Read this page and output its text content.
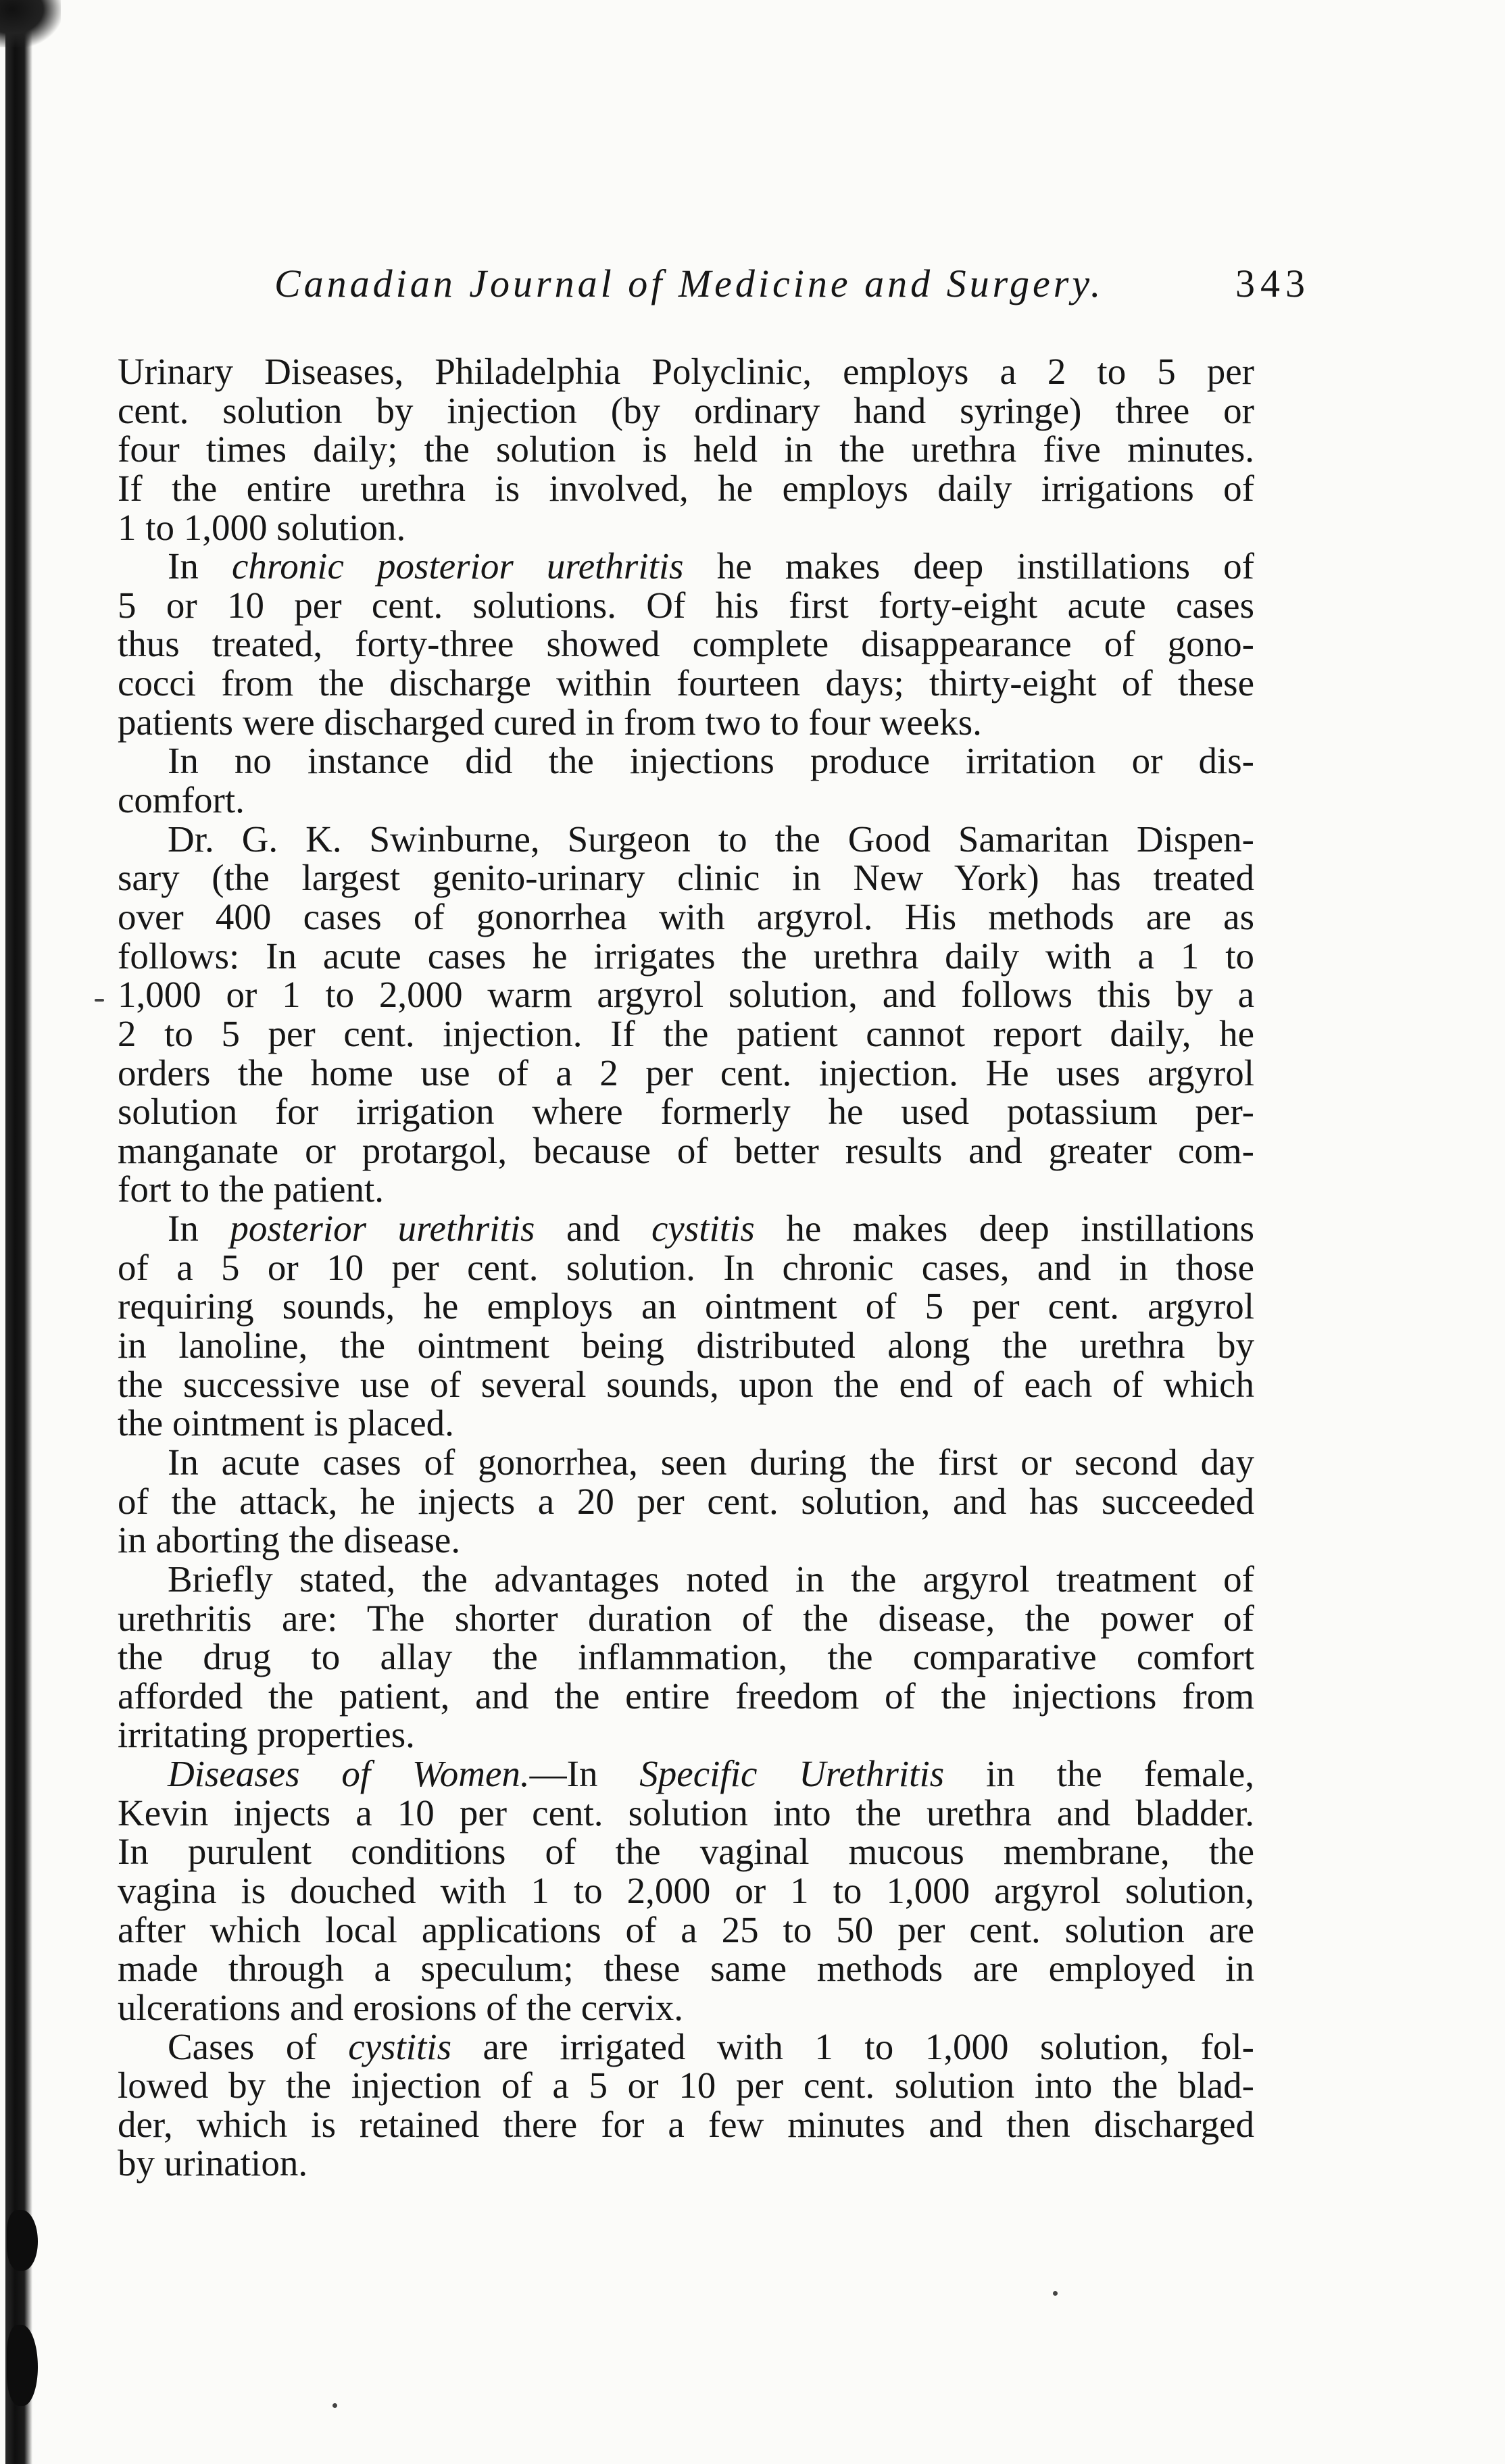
Canadian Journal of Medicine and Surgery.	343
Urinary Diseases, Philadelphia Polyclinic, employs a 2 to 5 per
cent. solution by injection (by ordinary hand syringe) three or
four times daily; the solution is held in the urethra five minutes.
If the entire urethra is involved, he employs daily irrigations of
1 to 1,000 solution.
In chronic posterior urethritis he makes deep instillations of
5 or 10 per cent. solutions. Of his first forty-eight acute cases
thus treated, forty-three showed complete disappearance of gono-
cocci from the discharge within fourteen days; thirty-eight of these
patients were discharged cured in from two to four weeks.
In no instance did the injections produce irritation or dis-
comfort.
Dr. G. K. Swinburne, Surgeon to the Good Samaritan Dispen-
sary (the largest genito-urinary clinic in New York) has treated
over 400 cases of gonorrhea with argyrol. His methods are as
follows: In acute cases he irrigates the urethra daily with a 1 to
1,000 or 1 to 2,000 warm argyrol solution, and follows this by a
2 to 5 per cent. injection. If the patient cannot report daily, he
orders the home use of a 2 per cent. injection. He uses argyrol
solution for irrigation where formerly he used potassium per-
manganate or protargol, because of better results and greater com-
fort to the patient.
In posterior urethritis and cystitis he makes deep instillations
of a 5 or 10 per cent. solution. In chronic cases, and in those
requiring sounds, he employs an ointment of 5 per cent. argyrol
in lanoline, the ointment being distributed along the urethra by
the successive use of several sounds, upon the end of each of which
the ointment is placed.
In acute cases of gonorrhea, seen during the first or second day
of the attack, he injects a 20 per cent. solution, and has succeeded
in aborting the disease.
Briefly stated, the advantages noted in the argyrol treatment of
urethritis are: The shorter duration of the disease, the power of
the drug to allay the inflammation, the comparative comfort
afforded the patient, and the entire freedom of the injections from
irritating properties.
Diseases of Women.—In Specific Urethritis in the female,
Kevin injects a 10 per cent. solution into the urethra and bladder.
In purulent conditions of the vaginal mucous membrane, the
vagina is douched with 1 to 2,000 or 1 to 1,000 argyrol solution,
after which local applications of a 25 to 50 per cent. solution are
made through a speculum; these same methods are employed in
ulcerations and erosions of the cervix.
Cases of cystitis are irrigated with 1 to 1,000 solution, fol-
lowed by the injection of a 5 or 10 per cent. solution into the blad-
der, which is retained there for a few minutes and then discharged
by urination.
